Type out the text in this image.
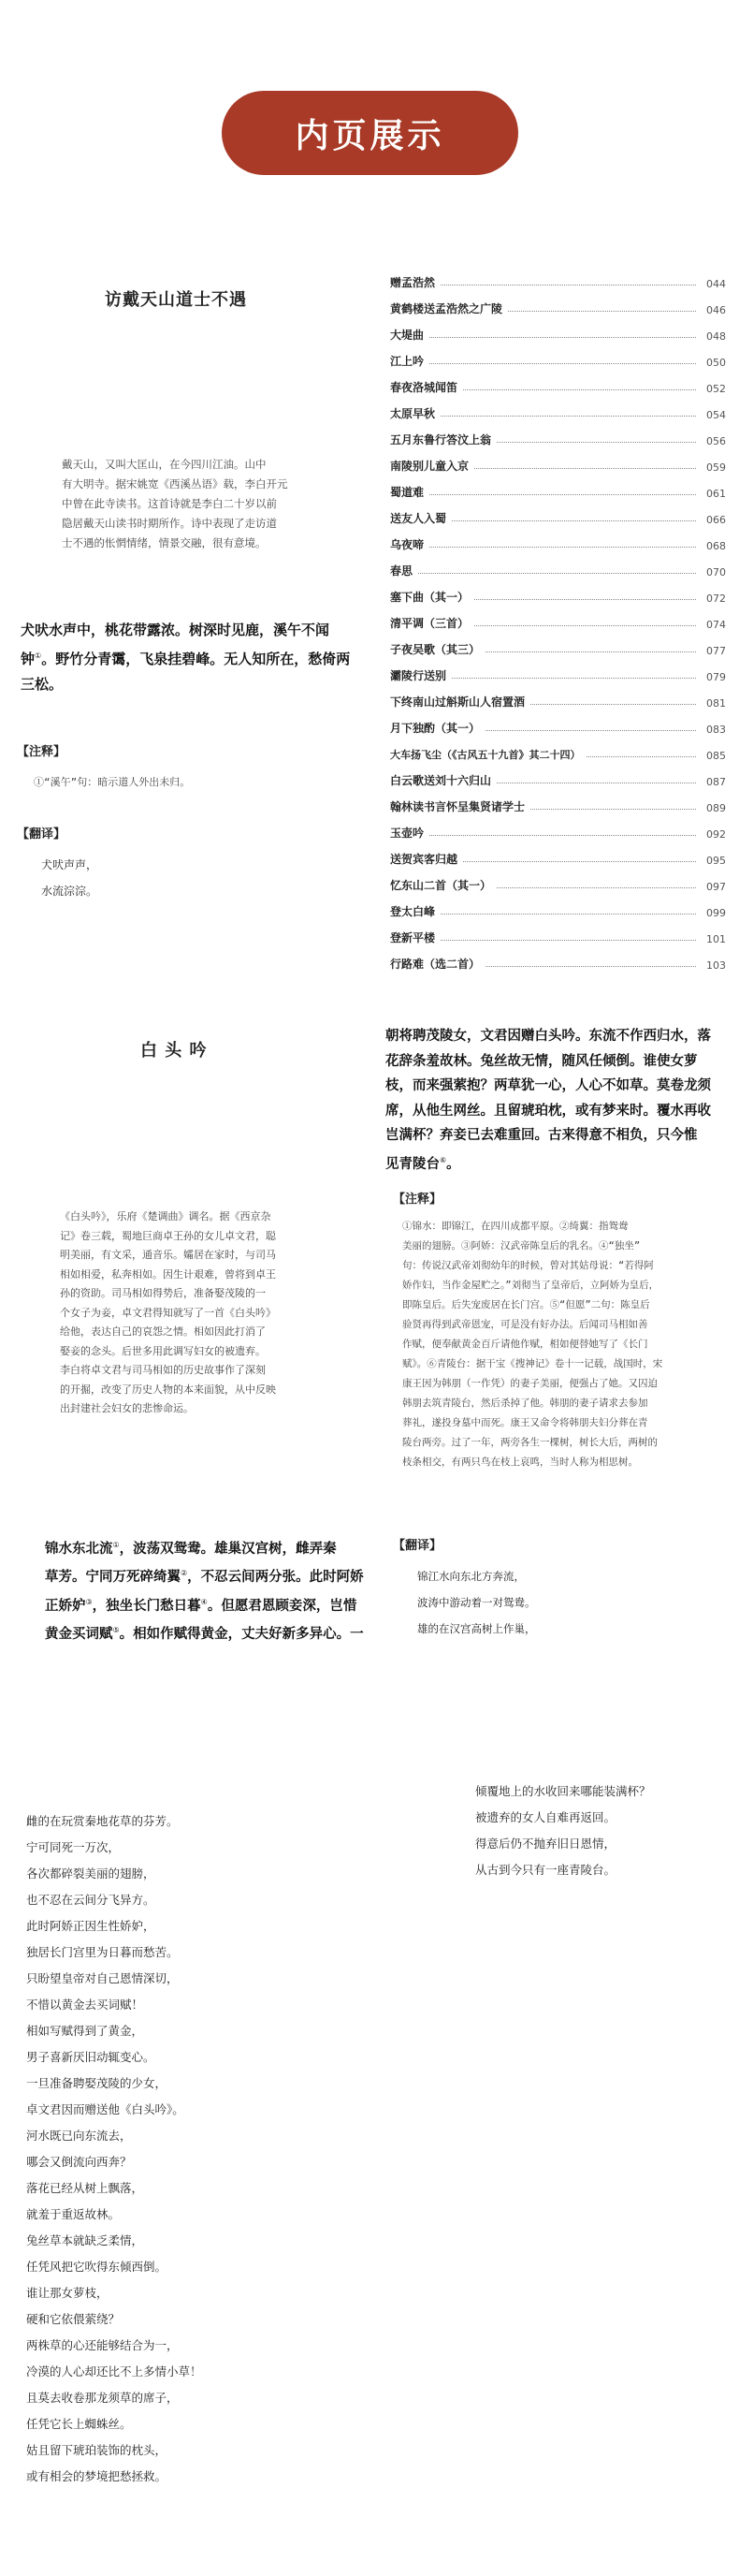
内页展示
访戴天山道士不遇
戴天山，又叫大匡山，在今四川江油。山中
有大明寺。据宋姚宽《西溪丛语》载，李白开元
中曾在此寺读书。这首诗就是李白二十岁以前
隐居戴天山读书时期所作。诗中表现了走访道
士不遇的怅惘情绪，情景交融，很有意境。
犬吠水声中，桃花带露浓。树深时见鹿，溪午不闻
钟①。野竹分青霭，飞泉挂碧峰。无人知所在，愁倚两
三松。
【注释】
①“溪午”句：暗示道人外出未归。
【翻译】
犬吠声声，
水流淙淙。
赠孟浩然	044
黄鹤楼送孟浩然之广陵	046
大堤曲	048
江上吟	050
春夜洛城闻笛	052
太原早秋	054
五月东鲁行答汶上翁	056
南陵别儿童入京	059
蜀道难	061
送友人入蜀	066
乌夜啼	068
春思	070
塞下曲（其一）	072
清平调（三首）	074
子夜吴歌（其三）	077
灞陵行送别	079
下终南山过斛斯山人宿置酒	081
月下独酌（其一）	083
大车扬飞尘（《古风五十九首》其二十四）	085
白云歌送刘十六归山	087
翰林读书言怀呈集贤诸学士	089
玉壶吟	092
送贺宾客归越	095
忆东山二首（其一）	097
登太白峰	099
登新平楼	101
行路难（选二首）	103
白 头 吟
《白头吟》，乐府《楚调曲》调名。据《西京杂
记》卷三载，蜀地巨商卓王孙的女儿卓文君，聪
明美丽，有文采，通音乐。孀居在家时，与司马
相如相爱，私奔相如。因生计艰难，曾将到卓王
孙的资助。司马相如得势后，准备娶茂陵的一
个女子为妾，卓文君得知就写了一首《白头吟》
给他，表达自己的哀怨之情。相如因此打消了
娶妾的念头。后世多用此调写妇女的被遗弃。
李白将卓文君与司马相如的历史故事作了深刻
的开掘，改变了历史人物的本来面貌，从中反映
出封建社会妇女的悲惨命运。
锦水东北流①，波荡双鸳鸯。雄巢汉宫树，雌弄秦
草芳。宁同万死碎绮翼②，不忍云间两分张。此时阿娇
正娇妒③，独坐长门愁日暮④。但愿君恩顾妾深，岂惜
黄金买词赋⑤。相如作赋得黄金，丈夫好新多异心。一
朝将聘茂陵女，文君因赠白头吟。东流不作西归水，落
花辞条羞故林。兔丝故无情，随风任倾倒。谁使女萝
枝，而来强萦抱？两草犹一心，人心不如草。莫卷龙须
席，从他生网丝。且留琥珀枕，或有梦来时。覆水再收
岂满杯？弃妾已去难重回。古来得意不相负，只今惟
见青陵台⑥。
【注释】
①锦水：即锦江，在四川成都平原。②绮翼：指鸳鸯
美丽的翅膀。③阿娇：汉武帝陈皇后的乳名。④“独坐”
句：传说汉武帝刘彻幼年的时候，曾对其姑母说：“若得阿
娇作妇，当作金屋贮之。”刘彻当了皇帝后，立阿娇为皇后，
即陈皇后。后失宠废居在长门宫。⑤“但愿”二句：陈皇后
验贤再得到武帝恩宠，可是没有好办法。后闻司马相如善
作赋，便奉献黄金百斤请他作赋，相如便替她写了《长门
赋》。⑥青陵台：据干宝《搜神记》卷十一记载，战国时，宋
康王因为韩朋（一作凭）的妻子美丽，便强占了她。又囚迫
韩朋去筑青陵台，然后杀掉了他。韩朋的妻子请求去参加
葬礼，遂投身墓中而死。康王又命令将韩朋夫妇分葬在青
陵台两旁。过了一年，两旁各生一棵树，树长大后，两树的
枝条相交，有两只鸟在枝上哀鸣，当时人称为相思树。
【翻译】
锦江水向东北方奔流，
波涛中游动着一对鸳鸯。
雄的在汉宫高树上作巢，
雌的在玩赏秦地花草的芬芳。
宁可同死一万次，
各次都碎裂美丽的翅膀，
也不忍在云间分飞异方。
此时阿娇正因生性娇妒，
独居长门宫里为日暮而愁苦。
只盼望皇帝对自己恩情深切，
不惜以黄金去买词赋！
相如写赋得到了黄金，
男子喜新厌旧动辄变心。
一旦准备聘娶茂陵的少女，
卓文君因而赠送他《白头吟》。
河水既已向东流去，
哪会又倒流向西奔？
落花已经从树上飘落，
就羞于重返故林。
兔丝草本就缺乏柔情，
任凭风把它吹得东倾西倒。
谁让那女萝枝，
硬和它依偎萦绕？
两株草的心还能够结合为一，
冷漠的人心却还比不上多情小草！
且莫去收卷那龙须草的席子，
任凭它长上蜘蛛丝。
姑且留下琥珀装饰的枕头，
或有相会的梦境把愁拯救。
倾覆地上的水收回来哪能装满杯？
被遗弃的女人自难再返回。
得意后仍不抛弃旧日恩情，
从古到今只有一座青陵台。
